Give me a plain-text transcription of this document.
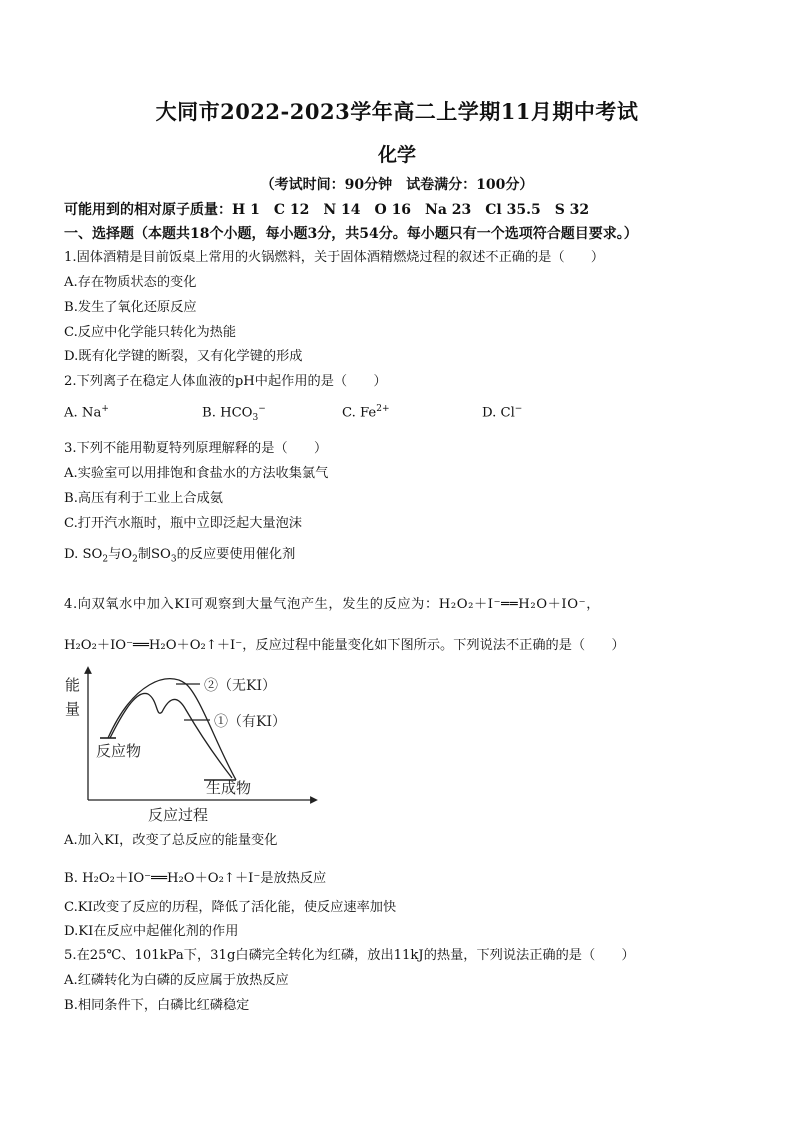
大同市2022-2023学年高二上学期11月期中考试
化学
（考试时间：90分钟　试卷满分：100分）
可能用到的相对原子质量：H 1　C 12　N 14　O 16　Na 23　Cl 35.5　S 32
一、选择题（本题共18个小题，每小题3分，共54分。每小题只有一个选项符合题目要求。）
1.固体酒精是目前饭桌上常用的火锅燃料，关于固体酒精燃烧过程的叙述不正确的是（　　）
A.存在物质状态的变化
B.发生了氧化还原反应
C.反应中化学能只转化为热能
D.既有化学键的断裂，又有化学键的形成
2.下列离子在稳定人体血液的pH中起作用的是（　　）
A. Na+	B. $HCO_3^-$	C. $Fe^{2+}$	D. Cl−
3.下列不能用勒夏特列原理解释的是（　　）
A.实验室可以用排饱和食盐水的方法收集氯气
B.高压有利于工业上合成氨
C.打开汽水瓶时，瓶中立即泛起大量泡沫
D. $SO_2$与$O_2$制$SO_3$的反应要使用催化剂
4.向双氧水中加入KI可观察到大量气泡产生，发生的反应为：H₂O₂＋I⁻══H₂O＋IO⁻，
H₂O₂＋IO⁻══H₂O＋O₂↑＋I⁻，反应过程中能量变化如下图所示。下列说法不正确的是（　　）
能
量
反应过程
反应物
生成物
②（无KI）
①（有KI）
A.加入KI，改变了总反应的能量变化
B. H₂O₂＋IO⁻══H₂O＋O₂↑＋I⁻是放热反应
C.KI改变了反应的历程，降低了活化能，使反应速率加快
D.KI在反应中起催化剂的作用
5.在25℃、101kPa下，31g白磷完全转化为红磷，放出11kJ的热量，下列说法正确的是（　　）
A.红磷转化为白磷的反应属于放热反应
B.相同条件下，白磷比红磷稳定
